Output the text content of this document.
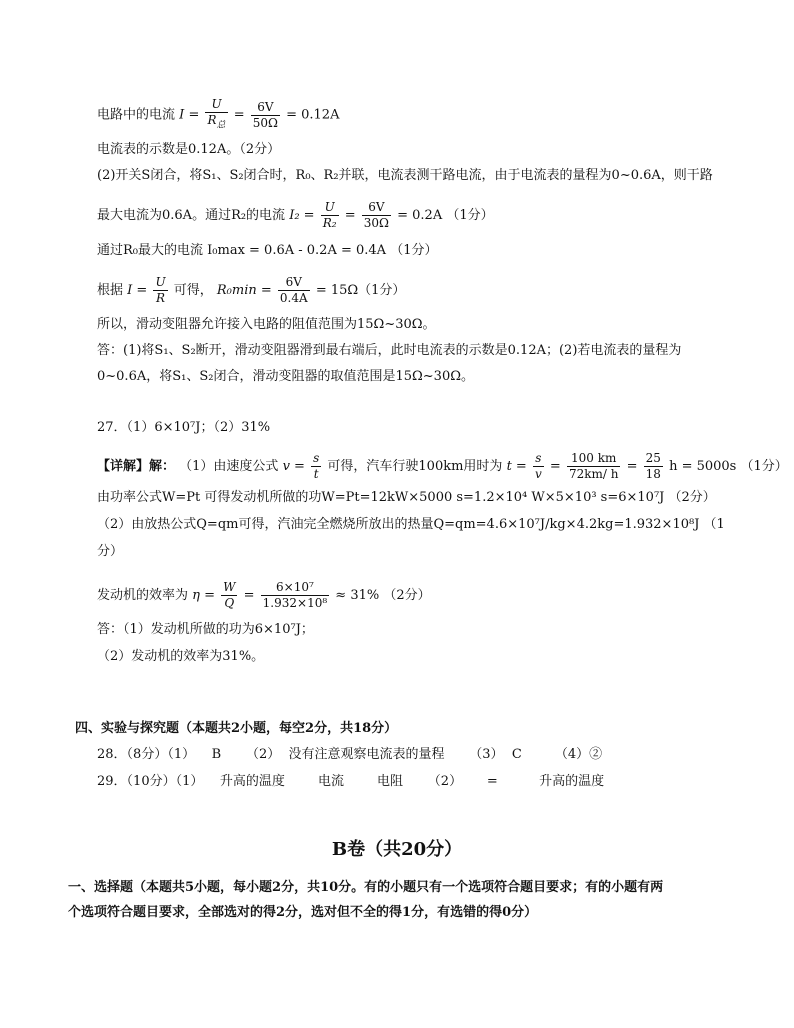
电路中的电流 $I = \frac{U}{R_总} = \frac{6V}{50\Omega} = 0.12A$
电流表的示数是0.12A。（2分）
(2)开关S闭合，将S₁、S₂闭合时，R₀、R₂并联，电流表测干路电流，由于电流表的量程为0~0.6A，则干路
最大电流为0.6A。通过R₂的电流 $I_2 = \frac{U}{\text{R₂}} = \frac{6V}{30\Omega} = 0.2A$ （1分）
通过R₀最大的电流 I₀max = 0.6A - 0.2A = 0.4A （1分）
根据 $I = \frac{U}{R}$ 可得， $R_0\min = \frac{6V}{0.4A} = 15\Omega(1$分）
所以，滑动变阻器允许接入电路的阻值范围为15Ω~30Ω。
答：(1)将S₁、S₂断开，滑动变阻器滑到最右端后，此时电流表的示数是0.12A；(2)若电流表的量程为
0~0.6A，将S₁、S₂闭合，滑动变阻器的取值范围是15Ω~30Ω。
27．（1）6×10⁷J；（2）31%
【详解】解： （1）由速度公式 $v = \frac{s}{t}$ 可得，汽车行驶100km用时为 $t = \frac{s}{v} = \frac{100 km}{72km/ h} = \frac{25}{18}$ h = 5000s （1分）
由功率公式W=Pt 可得发动机所做的功W=Pt=12kW×5000 s=1.2×10⁴ W×5×10³ s=6×10⁷J （2分）
（2）由放热公式Q=qm可得，汽油完全燃烧所放出的热量Q=qm=4.6×10⁷J/kg×4.2kg=1.932×10⁸J （1
分）
发动机的效率为 $\eta = \frac{W}{Q} = \frac{\text{6×10⁷}}{\text{1.932×10⁸}} \approx 31\%$ （2分）
答：（1）发动机所做的功为6×10⁷J；
（2）发动机的效率为31%。
四、实验与探究题（本题共2小题，每空2分，共18分）
28．（8分）（1）    B      （2）  没有注意观察电流表的量程      （3）  C        （4）②
29．（10分）（1）    升高的温度        电流        电阻      （2）      =          升高的温度
B卷（共20分）
一、选择题（本题共5小题，每小题2分，共10分。有的小题只有一个选项符合题目要求；有的小题有两
个选项符合题目要求，全部选对的得2分，选对但不全的得1分，有选错的得0分）
